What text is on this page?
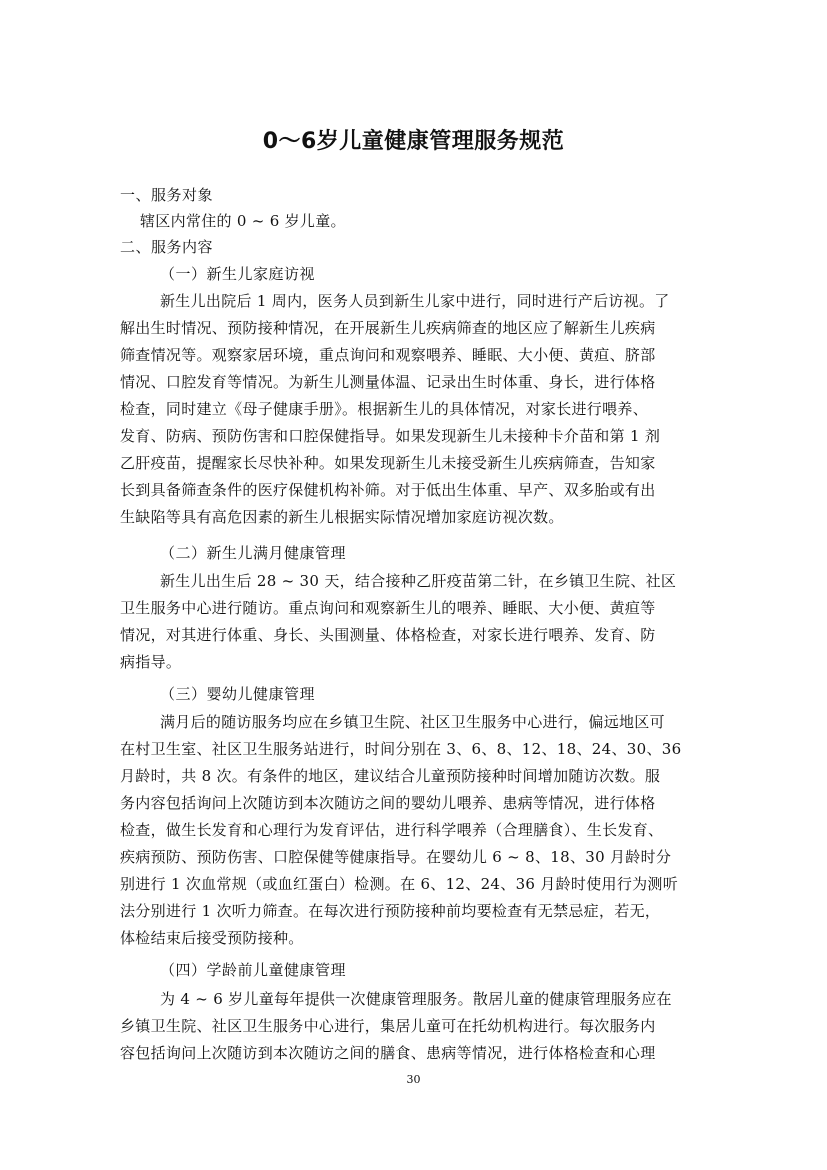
0～6岁儿童健康管理服务规范
一、服务对象
辖区内常住的 0 ~ 6 岁儿童。
二、服务内容
（一）新生儿家庭访视
新生儿出院后 1 周内，医务人员到新生儿家中进行，同时进行产后访视。了
解出生时情况、预防接种情况，在开展新生儿疾病筛查的地区应了解新生儿疾病
筛查情况等。观察家居环境，重点询问和观察喂养、睡眠、大小便、黄疸、脐部
情况、口腔发育等情况。为新生儿测量体温、记录出生时体重、身长，进行体格
检查，同时建立《母子健康手册》。根据新生儿的具体情况，对家长进行喂养、
发育、防病、预防伤害和口腔保健指导。如果发现新生儿未接种卡介苗和第 1 剂
乙肝疫苗，提醒家长尽快补种。如果发现新生儿未接受新生儿疾病筛查，告知家
长到具备筛查条件的医疗保健机构补筛。对于低出生体重、早产、双多胎或有出
生缺陷等具有高危因素的新生儿根据实际情况增加家庭访视次数。
（二）新生儿满月健康管理
新生儿出生后 28 ~ 30 天，结合接种乙肝疫苗第二针，在乡镇卫生院、社区
卫生服务中心进行随访。重点询问和观察新生儿的喂养、睡眠、大小便、黄疸等
情况，对其进行体重、身长、头围测量、体格检查，对家长进行喂养、发育、防
病指导。
（三）婴幼儿健康管理
满月后的随访服务均应在乡镇卫生院、社区卫生服务中心进行，偏远地区可
在村卫生室、社区卫生服务站进行，时间分别在 3、6、8、12、18、24、30、36
月龄时，共 8 次。有条件的地区，建议结合儿童预防接种时间增加随访次数。服
务内容包括询问上次随访到本次随访之间的婴幼儿喂养、患病等情况，进行体格
检查，做生长发育和心理行为发育评估，进行科学喂养（合理膳食）、生长发育、
疾病预防、预防伤害、口腔保健等健康指导。在婴幼儿 6 ~ 8、18、30 月龄时分
别进行 1 次血常规（或血红蛋白）检测。在 6、12、24、36 月龄时使用行为测听
法分别进行 1 次听力筛查。在每次进行预防接种前均要检查有无禁忌症，若无，
体检结束后接受预防接种。
（四）学龄前儿童健康管理
为 4 ~ 6 岁儿童每年提供一次健康管理服务。散居儿童的健康管理服务应在
乡镇卫生院、社区卫生服务中心进行，集居儿童可在托幼机构进行。每次服务内
容包括询问上次随访到本次随访之间的膳食、患病等情况，进行体格检查和心理
30
